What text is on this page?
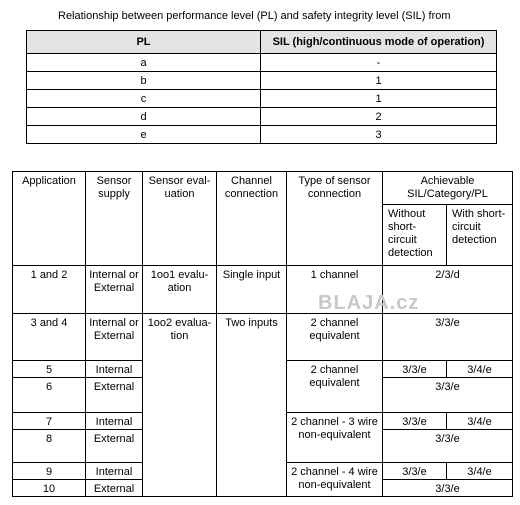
Relationship between performance level (PL) and safety integrity level (SIL) from
PL	SIL (high/continuous mode of operation)
a	-
b	1
c	1
d	2
e	3
Application	Sensor supply	Sensor eval-uation	Channel connection	Type of sensor connection	Achievable SIL/Category/PL	
					Without short-circuit detection	With short-circuit detection
1 and 2	Internal or External	1oo1 evalu-ation	Single input	1 channel	2/3/d	
3 and 4	Internal or External	1oo2 evalua-tion	Two inputs	2 channel equivalent	3/3/e	
5	Internal			2 channel equivalent	3/3/e	3/4/e
6	External				3/3/e	
7	Internal			2 channel - 3 wire non-equivalent	3/3/e	3/4/e
8	External				3/3/e	
9	Internal			2 channel - 4 wire non-equivalent	3/3/e	3/4/e
10	External				3/3/e	
BLAJA.cz
